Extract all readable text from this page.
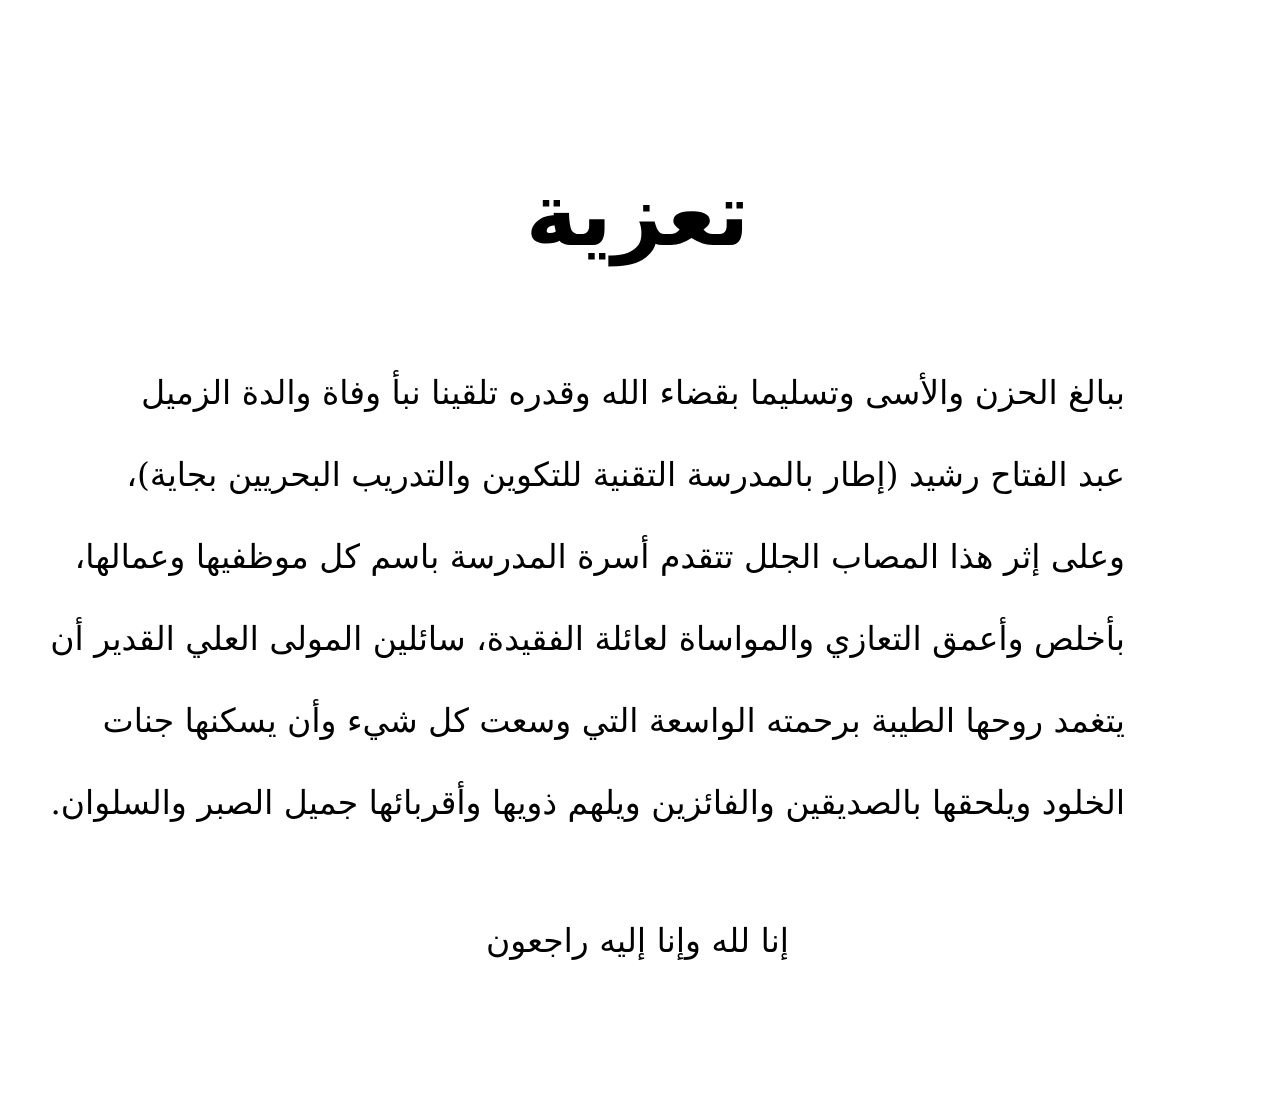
تعزية
ببالغ الحزن والأسى وتسليما بقضاء الله وقدره تلقينا نبأ وفاة والدة الزميل
عبد الفتاح رشيد (إطار بالمدرسة التقنية للتكوين والتدريب البحريين بجاية)،
وعلى إثر هذا المصاب الجلل تتقدم أسرة المدرسة باسم كل موظفيها وعمالها،
بأخلص وأعمق التعازي والمواساة لعائلة الفقيدة، سائلين المولى العلي القدير أن
يتغمد روحها الطيبة برحمته الواسعة التي وسعت كل شيء وأن يسكنها جنات
الخلود ويلحقها بالصديقين والفائزين ويلهم ذويها وأقربائها جميل الصبر والسلوان.

إنا لله وإنا إليه راجعون
